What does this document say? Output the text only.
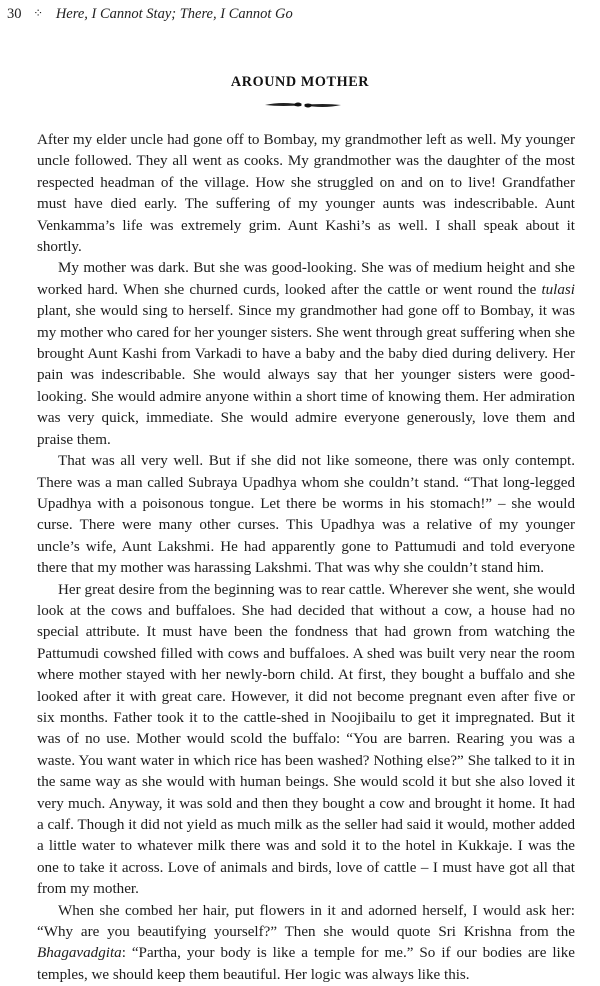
30 ⁘ Here, I Cannot Stay; There, I Cannot Go
AROUND MOTHER

After my elder uncle had gone off to Bombay, my grandmother left as well. My younger uncle followed. They all went as cooks. My grandmother was the daughter of the most respected headman of the village. How she struggled on and on to live! Grandfather must have died early. The suffering of my younger aunts was indescribable. Aunt Venkamma’s life was extremely grim. Aunt Kashi’s as well. I shall speak about it shortly.

My mother was dark. But she was good-looking. She was of medium height and she worked hard. When she churned curds, looked after the cattle or went round the tulasi plant, she would sing to herself. Since my grandmother had gone off to Bombay, it was my mother who cared for her younger sisters. She went through great suffering when she brought Aunt Kashi from Varkadi to have a baby and the baby died during delivery. Her pain was indescribable. She would always say that her younger sisters were good-looking. She would admire anyone within a short time of knowing them. Her admiration was very quick, immediate. She would admire everyone generously, love them and praise them.

That was all very well. But if she did not like someone, there was only contempt. There was a man called Subraya Upadhya whom she couldn’t stand. “That long-legged Upadhya with a poisonous tongue. Let there be worms in his stomach!” – she would curse. There were many other curses. This Upadhya was a relative of my younger uncle’s wife, Aunt Lakshmi. He had apparently gone to Pattumudi and told everyone there that my mother was harassing Lakshmi. That was why she couldn’t stand him.

Her great desire from the beginning was to rear cattle. Wherever she went, she would look at the cows and buffaloes. She had decided that without a cow, a house had no special attribute. It must have been the fondness that had grown from watching the Pattumudi cowshed filled with cows and buffaloes. A shed was built very near the room where mother stayed with her newly-born child. At first, they bought a buffalo and she looked after it with great care. However, it did not become pregnant even after five or six months. Father took it to the cattle-shed in Noojibailu to get it impregnated. But it was of no use. Mother would scold the buffalo: “You are barren. Rearing you was a waste. You want water in which rice has been washed? Nothing else?” She talked to it in the same way as she would with human beings. She would scold it but she also loved it very much. Anyway, it was sold and then they bought a cow and brought it home. It had a calf. Though it did not yield as much milk as the seller had said it would, mother added a little water to whatever milk there was and sold it to the hotel in Kukkaje. I was the one to take it across. Love of animals and birds, love of cattle – I must have got all that from my mother.

When she combed her hair, put flowers in it and adorned herself, I would ask her: “Why are you beautifying yourself?” Then she would quote Sri Krishna from the Bhagavadgita: “Partha, your body is like a temple for me.” So if our bodies are like temples, we should keep them beautiful. Her logic was always like this.
